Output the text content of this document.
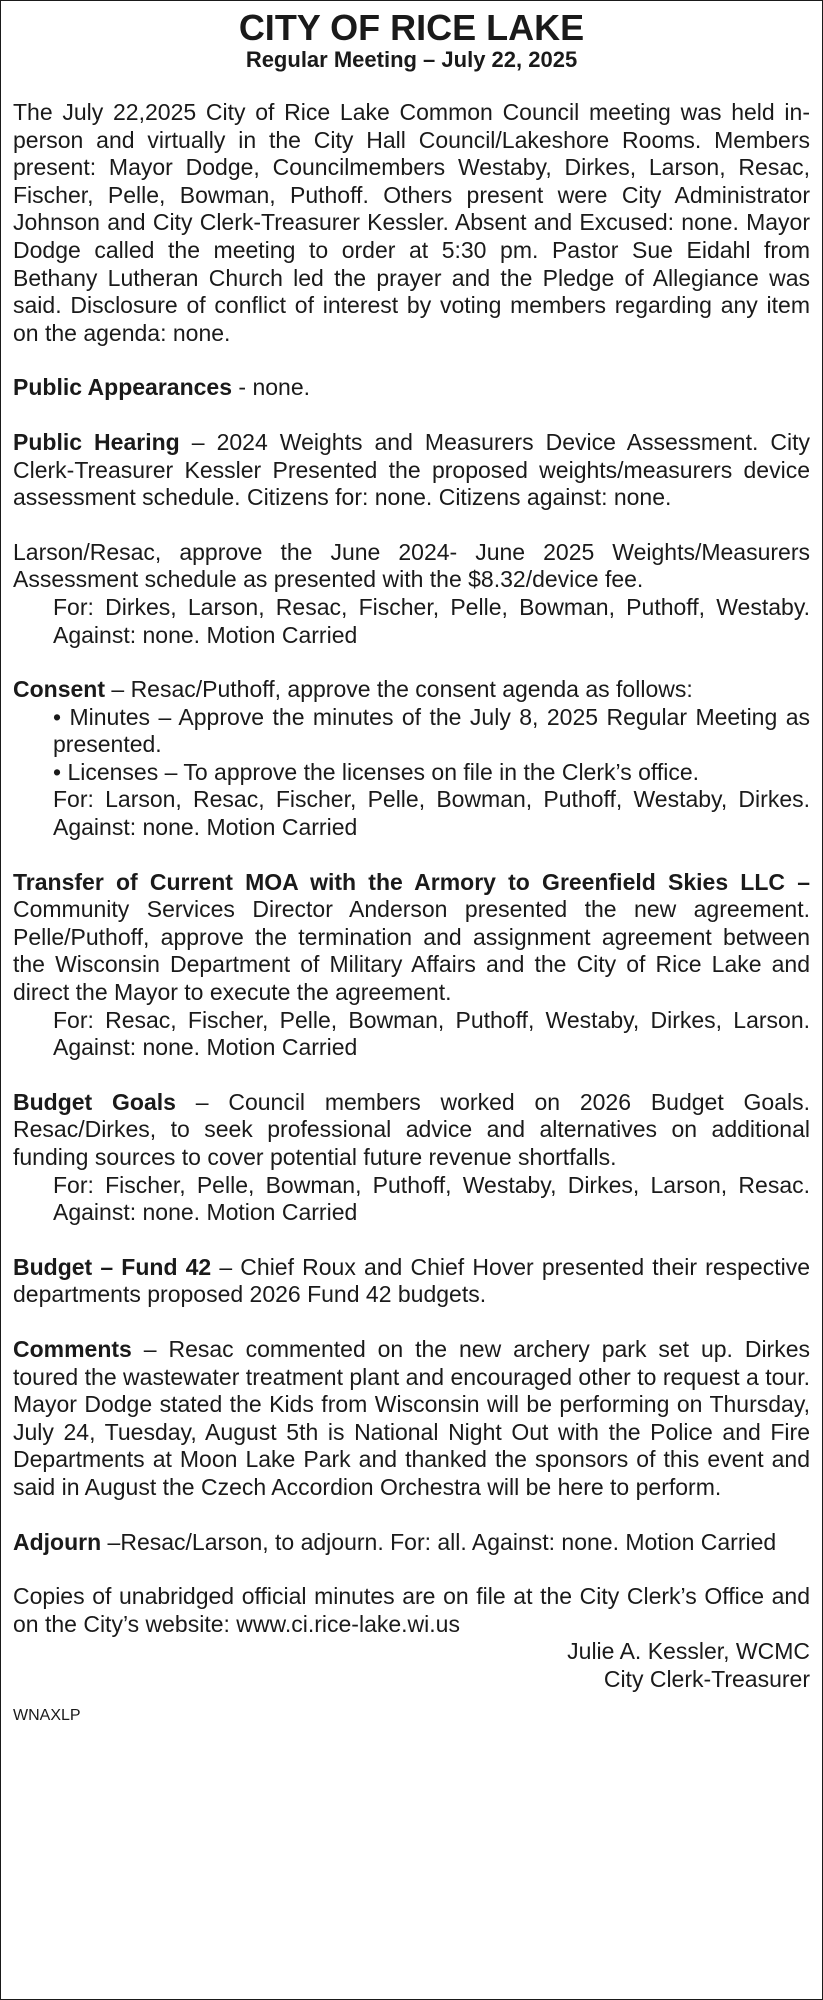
CITY OF RICE LAKE
Regular Meeting – July 22, 2025

The July 22,2025 City of Rice Lake Common Council meeting was held in-person and virtually in the City Hall Council/Lakeshore Rooms. Members present: Mayor Dodge, Councilmembers Westaby, Dirkes, Larson, Resac, Fischer, Pelle, Bowman, Puthoff. Others present were City Administrator Johnson and City Clerk-Treasurer Kessler. Absent and Excused: none. Mayor Dodge called the meeting to order at 5:30 pm. Pastor Sue Eidahl from Bethany Lutheran Church led the prayer and the Pledge of Allegiance was said. Disclosure of conflict of interest by voting members regarding any item on the agenda: none.

Public Appearances - none.

Public Hearing – 2024 Weights and Measurers Device Assessment. City Clerk-Treasurer Kessler Presented the proposed weights/measurers device assessment schedule. Citizens for: none. Citizens against: none.

Larson/Resac, approve the June 2024- June 2025 Weights/Measurers Assessment schedule as presented with the $8.32/device fee.

For: Dirkes, Larson, Resac, Fischer, Pelle, Bowman, Puthoff, Westaby. Against: none. Motion Carried

Consent – Resac/Puthoff, approve the consent agenda as follows:

• Minutes – Approve the minutes of the July 8, 2025 Regular Meeting as presented.

• Licenses – To approve the licenses on file in the Clerk’s office.

For: Larson, Resac, Fischer, Pelle, Bowman, Puthoff, Westaby, Dirkes. Against: none. Motion Carried

Transfer of Current MOA with the Armory to Greenfield Skies LLC – Community Services Director Anderson presented the new agreement. Pelle/Puthoff, approve the termination and assignment agreement between the Wisconsin Department of Military Affairs and the City of Rice Lake and direct the Mayor to execute the agreement.

For: Resac, Fischer, Pelle, Bowman, Puthoff, Westaby, Dirkes, Larson. Against: none. Motion Carried

Budget Goals – Council members worked on 2026 Budget Goals. Resac/Dirkes, to seek professional advice and alternatives on additional funding sources to cover potential future revenue shortfalls.

For: Fischer, Pelle, Bowman, Puthoff, Westaby, Dirkes, Larson, Resac. Against: none. Motion Carried

Budget – Fund 42 – Chief Roux and Chief Hover presented their respective departments proposed 2026 Fund 42 budgets.

Comments – Resac commented on the new archery park set up. Dirkes toured the wastewater treatment plant and encouraged other to request a tour. Mayor Dodge stated the Kids from Wisconsin will be performing on Thursday, July 24, Tuesday, August 5th is National Night Out with the Police and Fire Departments at Moon Lake Park and thanked the sponsors of this event and said in August the Czech Accordion Orchestra will be here to perform.

Adjourn –Resac/Larson, to adjourn. For: all. Against: none. Motion Carried

Copies of unabridged official minutes are on file at the City Clerk’s Office and on the City’s website: www.ci.rice-lake.wi.us

Julie A. Kessler, WCMC

City Clerk-Treasurer

WNAXLP
